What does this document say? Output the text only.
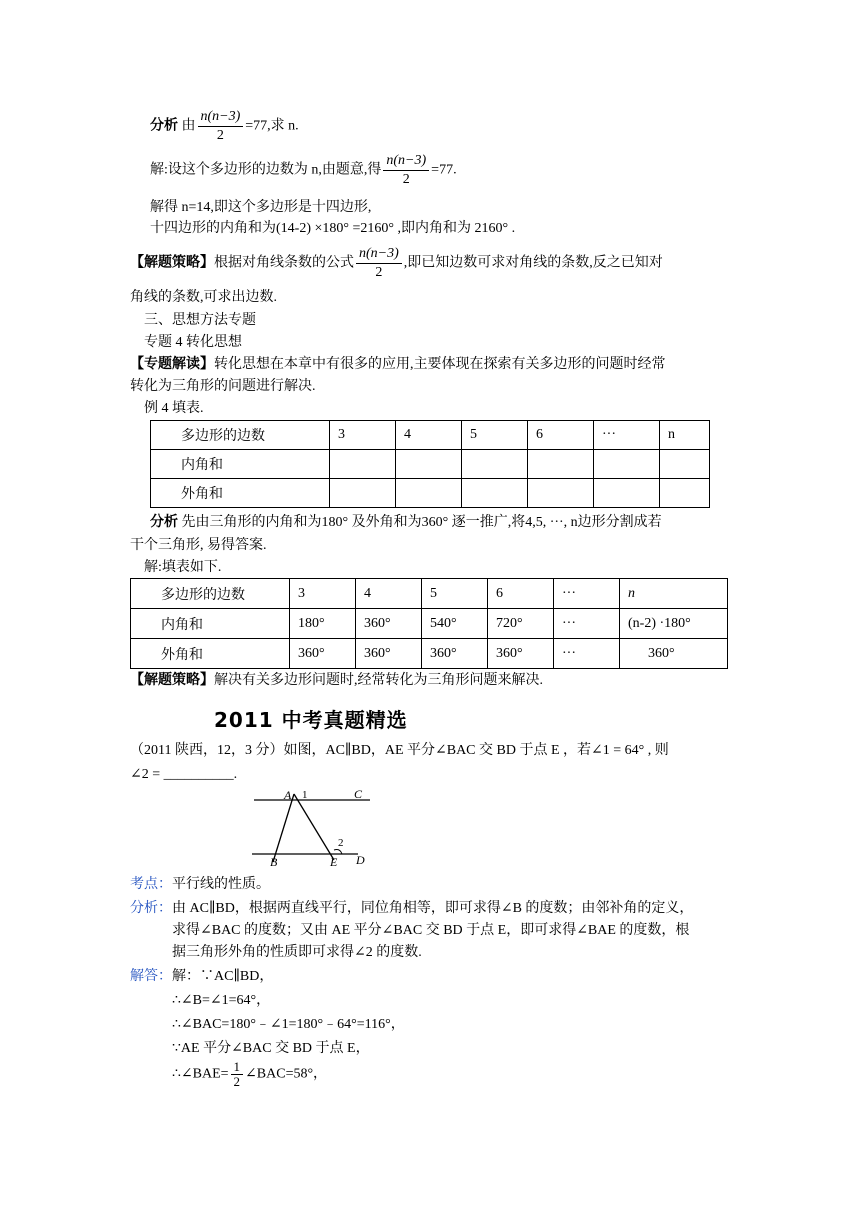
分析 由 $\frac{n(n-3)}{2} =77$,求 n.
解:设这个多边形的边数为 n,由题意,得 $\frac{n(n-3)}{2} =77$.
解得 n=14,即这个多边形是十四边形,
十四边形的内角和为(14-2) ×180° =2160° ,即内角和为 2160° .
【解题策略】根据对角线条数的公式 $\frac{n(n-3)}{2}$ ,即已知边数可求对角线的条数,反之已知对
角线的条数,可求出边数.
三、思想方法专题
专题 4 转化思想
【专题解读】转化思想在本章中有很多的应用,主要体现在探索有关多边形的问题时经常
转化为三角形的问题进行解决.
例 4 填表.
多边形的边数	3	4	5	6	···	n
内角和						
外角和						
分析 先由三角形的内角和为180° 及外角和为360° 逐一推广,将4,5, ···, n边形分割成若
干个三角形, 易得答案.
解:填表如下.
多边形的边数	3	4	5	6	···	n
内角和	180°	360°	540°	720°	···	(n-2) ·180°
外角和	360°	360°	360°	360°	···	360°
【解题策略】解决有关多边形问题时,经常转化为三角形问题来解决.
2011 中考真题精选
（2011 陕西，12，3 分）如图，AC∥BD，AE 平分∠BAC 交 BD 于点 E ，若∠1 = 64° , 则
∠2 = __________.
A 1	C
B	E
2
D
考点：平行线的性质。
分析：由 AC∥BD，根据两直线平行，同位角相等，即可求得∠B 的度数；由邻补角的定义，
求得∠BAC 的度数；又由 AE 平分∠BAC 交 BD 于点 E，即可求得∠BAE 的度数，根
据三角形外角的性质即可求得∠2 的度数.
解答：解：∵AC∥BD，
∴∠B=∠1=64°，
∴∠BAC=180°﹣∠1=180°﹣64°=116°，
∵AE 平分∠BAC 交 BD 于点 E，
∴∠BAE= $\frac{1}{2}$ ∠BAC=58°，
